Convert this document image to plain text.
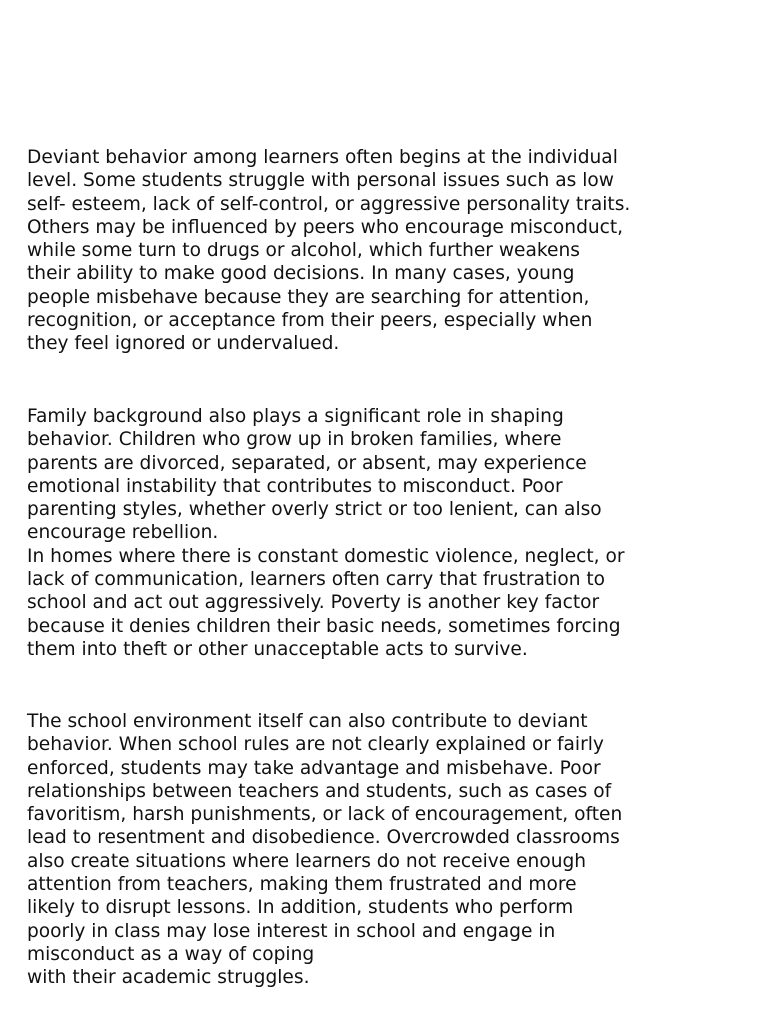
Deviant behavior among learners often begins at the individual
level. Some students struggle with personal issues such as low
self- esteem, lack of self-control, or aggressive personality traits.
Others may be influenced by peers who encourage misconduct,
while some turn to drugs or alcohol, which further weakens
their ability to make good decisions. In many cases, young
people misbehave because they are searching for attention,
recognition, or acceptance from their peers, especially when
they feel ignored or undervalued.

Family background also plays a significant role in shaping
behavior. Children who grow up in broken families, where
parents are divorced, separated, or absent, may experience
emotional instability that contributes to misconduct. Poor
parenting styles, whether overly strict or too lenient, can also
encourage rebellion.
In homes where there is constant domestic violence, neglect, or
lack of communication, learners often carry that frustration to
school and act out aggressively. Poverty is another key factor
because it denies children their basic needs, sometimes forcing
them into theft or other unacceptable acts to survive.

The school environment itself can also contribute to deviant
behavior. When school rules are not clearly explained or fairly
enforced, students may take advantage and misbehave. Poor
relationships between teachers and students, such as cases of
favoritism, harsh punishments, or lack of encouragement, often
lead to resentment and disobedience. Overcrowded classrooms
also create situations where learners do not receive enough
attention from teachers, making them frustrated and more
likely to disrupt lessons. In addition, students who perform
poorly in class may lose interest in school and engage in
misconduct as a way of coping
with their academic struggles.
